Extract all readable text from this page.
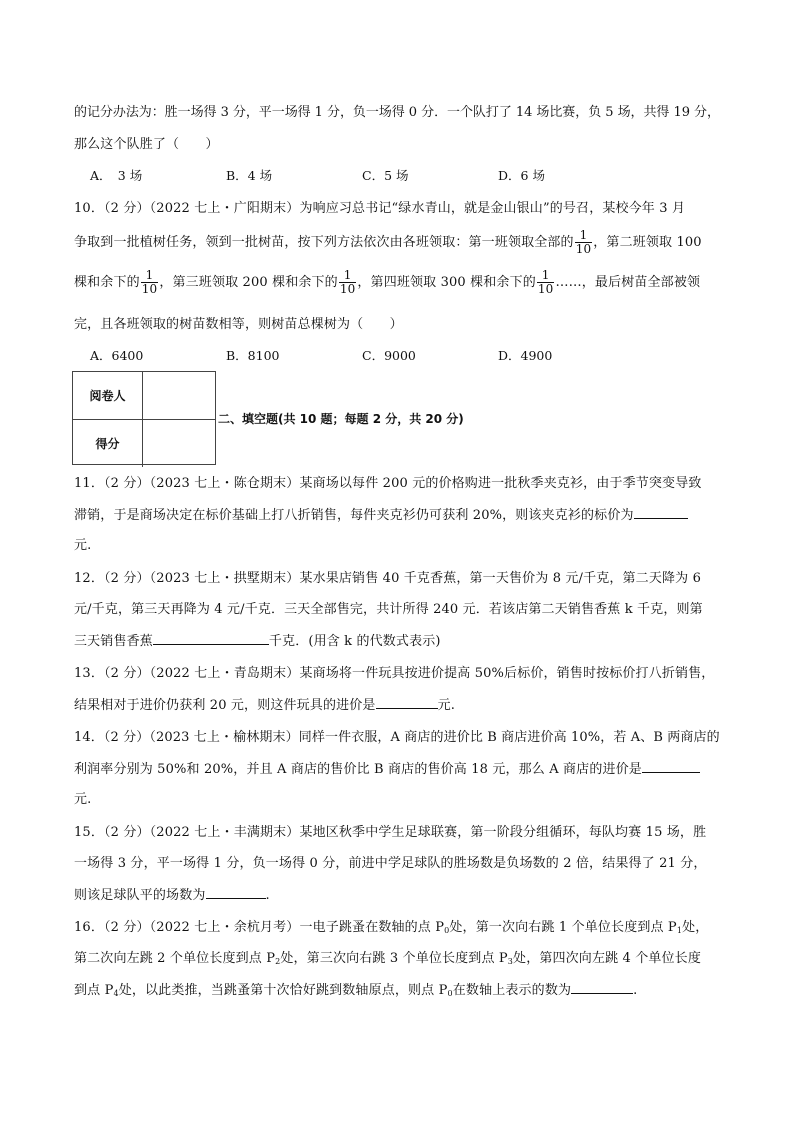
的记分办法为：胜一场得 3 分，平一场得 1 分，负一场得 0 分．一个队打了 14 场比赛，负 5 场，共得 19 分，
那么这个队胜了（　　）
A．　3 场	B．4 场	C．5 场	D．6 场
10．（2 分）（2022 七上・广阳期末）为响应习总书记“绿水青山，就是金山银山”的号召，某校今年 3 月
争取到一批植树任务，领到一批树苗，按下列方法依次由各班领取：第一班领取全部的 $\frac{1}{10}$ ，第二班领取 100
棵和余下的 $\frac{1}{10}$ ，第三班领取 200 棵和余下的 $\frac{1}{10}$ ，第四班领取 300 棵和余下的 $\frac{1}{10}$ ……，最后树苗全部被领
完，且各班领取的树苗数相等，则树苗总棵树为（　　）
A．6400	B．8100	C．9000	D．4900
阅卷人
得分
二、填空题(共 10 题；每题 2 分，共 20 分)
11．（2 分）（2023 七上・陈仓期末）某商场以每件 200 元的价格购进一批秋季夹克衫，由于季节突变导致
滞销，于是商场决定在标价基础上打八折销售，每件夹克衫仍可获利 20%，则该夹克衫的标价为
元.
12．（2 分）（2023 七上・拱墅期末）某水果店销售 40 千克香蕉，第一天售价为 8 元/千克，第二天降为 6
元/千克，第三天再降为 4 元/千克．三天全部售完，共计所得 240 元．若该店第二天销售香蕉 k 千克，则第
三天销售香蕉	千克．(用含 k 的代数式表示)
13．（2 分）（2022 七上・青岛期末）某商场将一件玩具按进价提高 50%后标价，销售时按标价打八折销售，
结果相对于进价仍获利 20 元，则这件玩具的进价是	元.
14．（2 分）（2023 七上・榆林期末）同样一件衣服，A 商店的进价比 B 商店进价高 10%，若 A、B 两商店的
利润率分别为 50%和 20%，并且 A 商店的售价比 B 商店的售价高 18 元，那么 A 商店的进价是
元.
15．（2 分）（2022 七上・丰满期末）某地区秋季中学生足球联赛，第一阶段分组循环，每队均赛 15 场，胜
一场得 3 分，平一场得 1 分，负一场得 0 分，前进中学足球队的胜场数是负场数的 2 倍，结果得了 21 分，
则该足球队平的场数为	.
16．（2 分）（2022 七上・余杭月考）一电子跳蚤在数轴的点 $P_0$处，第一次向右跳 1 个单位长度到点 $P_1$处，
第二次向左跳 2 个单位长度到点 $P_2$处，第三次向右跳 3 个单位长度到点 $P_3$处，第四次向左跳 4 个单位长度
到点 $P_4$处，以此类推，当跳蚤第十次恰好跳到数轴原点，则点 $P_0$在数轴上表示的数为	.
